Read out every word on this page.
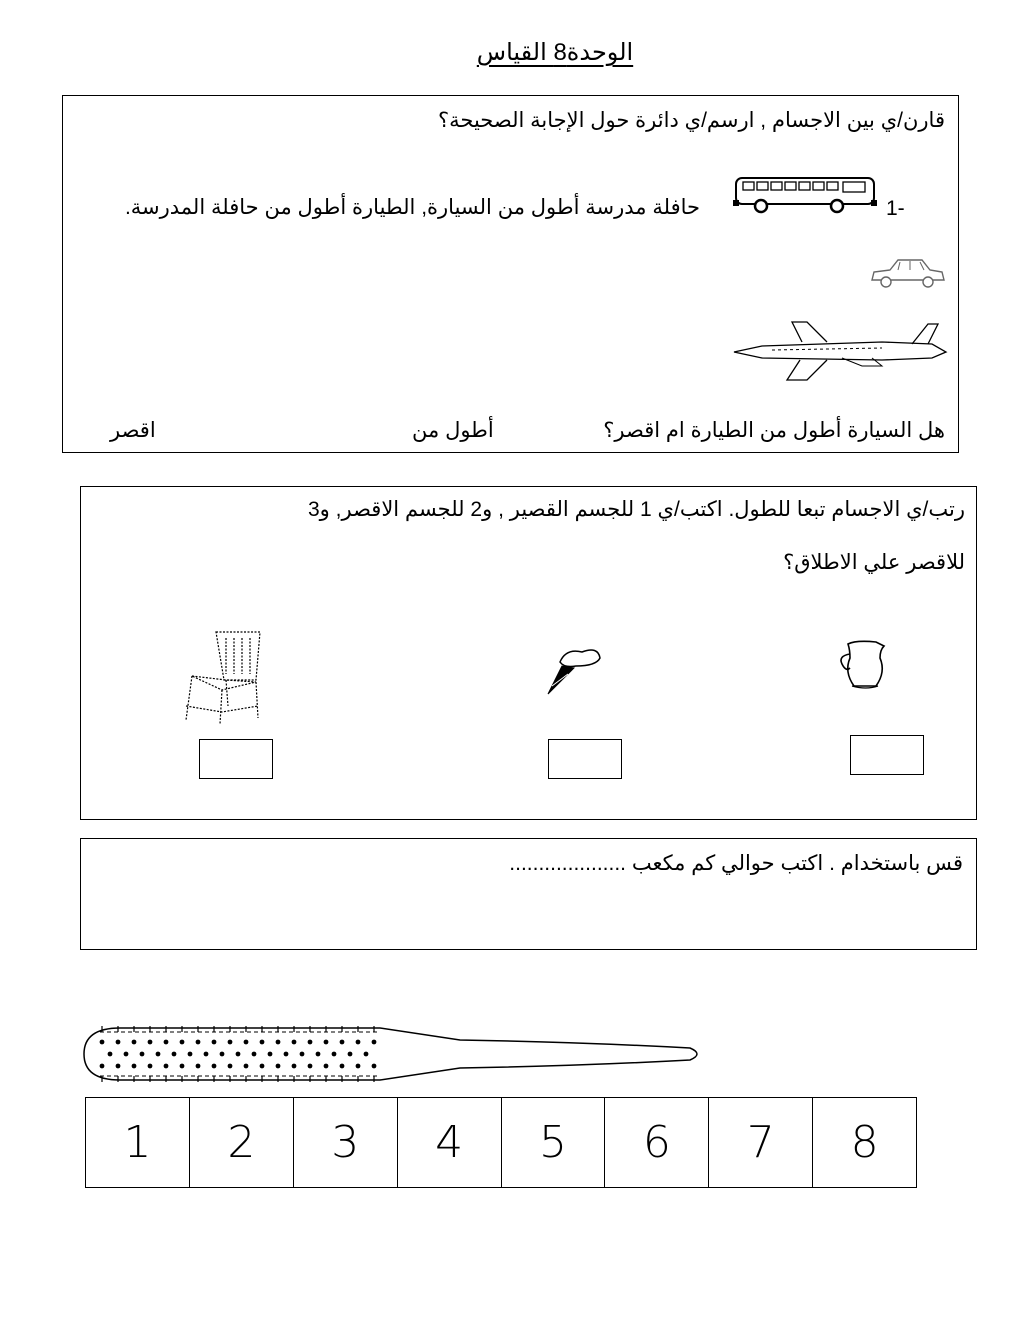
الوحدة8 القياس
قارن/ي بين الاجسام , ارسم/ي دائرة حول الإجابة الصحيحة؟
1-
حافلة مدرسة أطول من السيارة, الطيارة أطول من حافلة المدرسة.
هل السيارة أطول من الطيارة ام اقصر؟
أطول من
اقصر
رتب/ي الاجسام تبعا للطول. اكتب/ي 1 للجسم القصير , و2 للجسم الاقصر, و3
للاقصر علي الاطلاق؟
قس باستخدام . اكتب حوالي كم مكعب ....................
1	2	3	4	5	6	7	8
